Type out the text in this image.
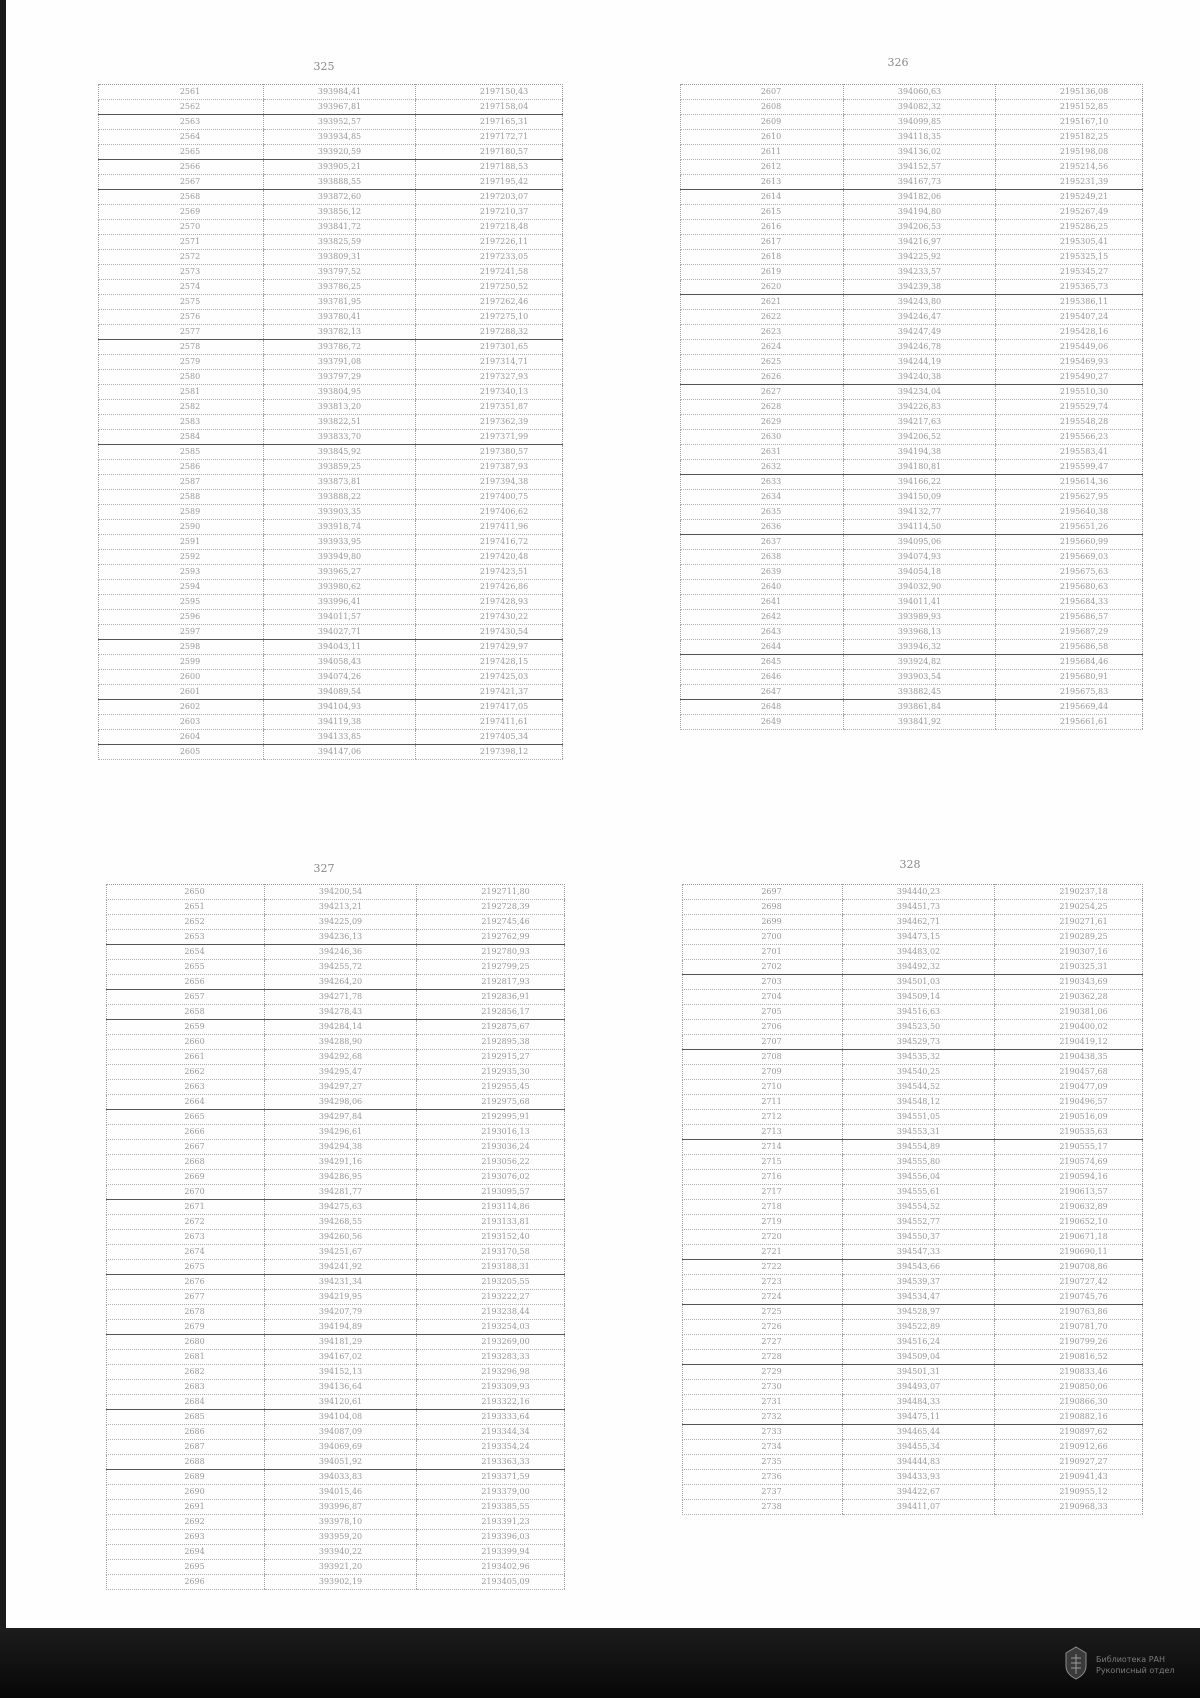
325
2561	393984,41	2197150,43
2562	393967,81	2197158,04
2563	393952,57	2197165,31
2564	393934,85	2197172,71
2565	393920,59	2197180,57
2566	393905,21	2197188,53
2567	393888,55	2197195,42
2568	393872,60	2197203,07
2569	393856,12	2197210,37
2570	393841,72	2197218,48
2571	393825,59	2197226,11
2572	393809,31	2197233,05
2573	393797,52	2197241,58
2574	393786,25	2197250,52
2575	393781,95	2197262,46
2576	393780,41	2197275,10
2577	393782,13	2197288,32
2578	393786,72	2197301,65
2579	393791,08	2197314,71
2580	393797,29	2197327,93
2581	393804,95	2197340,13
2582	393813,20	2197351,87
2583	393822,51	2197362,39
2584	393833,70	2197371,99
2585	393845,92	2197380,57
2586	393859,25	2197387,93
2587	393873,81	2197394,38
2588	393888,22	2197400,75
2589	393903,35	2197406,62
2590	393918,74	2197411,96
2591	393933,95	2197416,72
2592	393949,80	2197420,48
2593	393965,27	2197423,51
2594	393980,62	2197426,86
2595	393996,41	2197428,93
2596	394011,57	2197430,22
2597	394027,71	2197430,54
2598	394043,11	2197429,97
2599	394058,43	2197428,15
2600	394074,26	2197425,03
2601	394089,54	2197421,37
2602	394104,93	2197417,05
2603	394119,38	2197411,61
2604	394133,85	2197405,34
2605	394147,06	2197398,12
326
2607	394060,63	2195136,08
2608	394082,32	2195152,85
2609	394099,85	2195167,10
2610	394118,35	2195182,25
2611	394136,02	2195198,08
2612	394152,57	2195214,56
2613	394167,73	2195231,39
2614	394182,06	2195249,21
2615	394194,80	2195267,49
2616	394206,53	2195286,25
2617	394216,97	2195305,41
2618	394225,92	2195325,15
2619	394233,57	2195345,27
2620	394239,38	2195365,73
2621	394243,80	2195386,11
2622	394246,47	2195407,24
2623	394247,49	2195428,16
2624	394246,78	2195449,06
2625	394244,19	2195469,93
2626	394240,38	2195490,27
2627	394234,04	2195510,30
2628	394226,83	2195529,74
2629	394217,63	2195548,28
2630	394206,52	2195566,23
2631	394194,38	2195583,41
2632	394180,81	2195599,47
2633	394166,22	2195614,36
2634	394150,09	2195627,95
2635	394132,77	2195640,38
2636	394114,50	2195651,26
2637	394095,06	2195660,99
2638	394074,93	2195669,03
2639	394054,18	2195675,63
2640	394032,90	2195680,63
2641	394011,41	2195684,33
2642	393989,93	2195686,57
2643	393968,13	2195687,29
2644	393946,32	2195686,58
2645	393924,82	2195684,46
2646	393903,54	2195680,91
2647	393882,45	2195675,83
2648	393861,84	2195669,44
2649	393841,92	2195661,61
327
2650	394200,54	2192711,80
2651	394213,21	2192728,39
2652	394225,09	2192745,46
2653	394236,13	2192762,99
2654	394246,36	2192780,93
2655	394255,72	2192799,25
2656	394264,20	2192817,93
2657	394271,78	2192836,91
2658	394278,43	2192856,17
2659	394284,14	2192875,67
2660	394288,90	2192895,38
2661	394292,68	2192915,27
2662	394295,47	2192935,30
2663	394297,27	2192955,45
2664	394298,06	2192975,68
2665	394297,84	2192995,91
2666	394296,61	2193016,13
2667	394294,38	2193036,24
2668	394291,16	2193056,22
2669	394286,95	2193076,02
2670	394281,77	2193095,57
2671	394275,63	2193114,86
2672	394268,55	2193133,81
2673	394260,56	2193152,40
2674	394251,67	2193170,58
2675	394241,92	2193188,31
2676	394231,34	2193205,55
2677	394219,95	2193222,27
2678	394207,79	2193238,44
2679	394194,89	2193254,03
2680	394181,29	2193269,00
2681	394167,02	2193283,33
2682	394152,13	2193296,98
2683	394136,64	2193309,93
2684	394120,61	2193322,16
2685	394104,08	2193333,64
2686	394087,09	2193344,34
2687	394069,69	2193354,24
2688	394051,92	2193363,33
2689	394033,83	2193371,59
2690	394015,46	2193379,00
2691	393996,87	2193385,55
2692	393978,10	2193391,23
2693	393959,20	2193396,03
2694	393940,22	2193399,94
2695	393921,20	2193402,96
2696	393902,19	2193405,09
328
2697	394440,23	2190237,18
2698	394451,73	2190254,25
2699	394462,71	2190271,61
2700	394473,15	2190289,25
2701	394483,02	2190307,16
2702	394492,32	2190325,31
2703	394501,03	2190343,69
2704	394509,14	2190362,28
2705	394516,63	2190381,06
2706	394523,50	2190400,02
2707	394529,73	2190419,12
2708	394535,32	2190438,35
2709	394540,25	2190457,68
2710	394544,52	2190477,09
2711	394548,12	2190496,57
2712	394551,05	2190516,09
2713	394553,31	2190535,63
2714	394554,89	2190555,17
2715	394555,80	2190574,69
2716	394556,04	2190594,16
2717	394555,61	2190613,57
2718	394554,52	2190632,89
2719	394552,77	2190652,10
2720	394550,37	2190671,18
2721	394547,33	2190690,11
2722	394543,66	2190708,86
2723	394539,37	2190727,42
2724	394534,47	2190745,76
2725	394528,97	2190763,86
2726	394522,89	2190781,70
2727	394516,24	2190799,26
2728	394509,04	2190816,52
2729	394501,31	2190833,46
2730	394493,07	2190850,06
2731	394484,33	2190866,30
2732	394475,11	2190882,16
2733	394465,44	2190897,62
2734	394455,34	2190912,66
2735	394444,83	2190927,27
2736	394433,93	2190941,43
2737	394422,67	2190955,12
2738	394411,07	2190968,33
Библиотека РАН
Рукописный отдел
